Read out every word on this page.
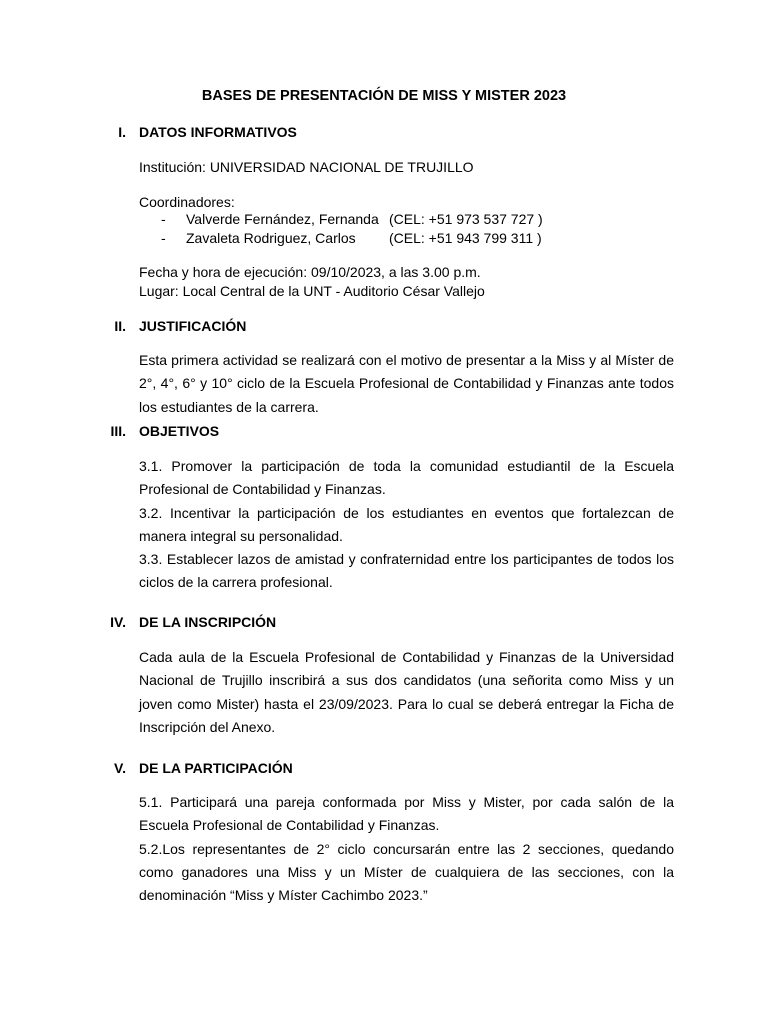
BASES DE PRESENTACIÓN DE MISS Y MISTER 2023
I. DATOS INFORMATIVOS
Institución: UNIVERSIDAD NACIONAL DE TRUJILLO
Coordinadores:
- Valverde Fernández, Fernanda (CEL: +51 973 537 727 )
- Zavaleta Rodriguez, Carlos (CEL: +51 943 799 311 )
Fecha y hora de ejecución: 09/10/2023, a las 3.00 p.m.
Lugar: Local Central de la UNT - Auditorio César Vallejo
II. JUSTIFICACIÓN

Esta primera actividad se realizará con el motivo de presentar a la Miss y al Míster de 2°, 4°, 6° y 10° ciclo de la Escuela Profesional de Contabilidad y Finanzas ante todos los estudiantes de la carrera.

III. OBJETIVOS

3.1. Promover la participación de toda la comunidad estudiantil de la Escuela Profesional de Contabilidad y Finanzas.

3.2. Incentivar la participación de los estudiantes en eventos que fortalezcan de manera integral su personalidad.

3.3. Establecer lazos de amistad y confraternidad entre los participantes de todos los ciclos de la carrera profesional.

IV. DE LA INSCRIPCIÓN

Cada aula de la Escuela Profesional de Contabilidad y Finanzas de la Universidad Nacional de Trujillo inscribirá a sus dos candidatos (una señorita como Miss y un joven como Mister) hasta el 23/09/2023. Para lo cual se deberá entregar la Ficha de Inscripción del Anexo.

V. DE LA PARTICIPACIÓN

5.1. Participará una pareja conformada por Miss y Mister, por cada salón de la Escuela Profesional de Contabilidad y Finanzas.

5.2.Los representantes de 2° ciclo concursarán entre las 2 secciones, quedando como ganadores una Miss y un Míster de cualquiera de las secciones, con la denominación “Miss y Míster Cachimbo 2023.”
